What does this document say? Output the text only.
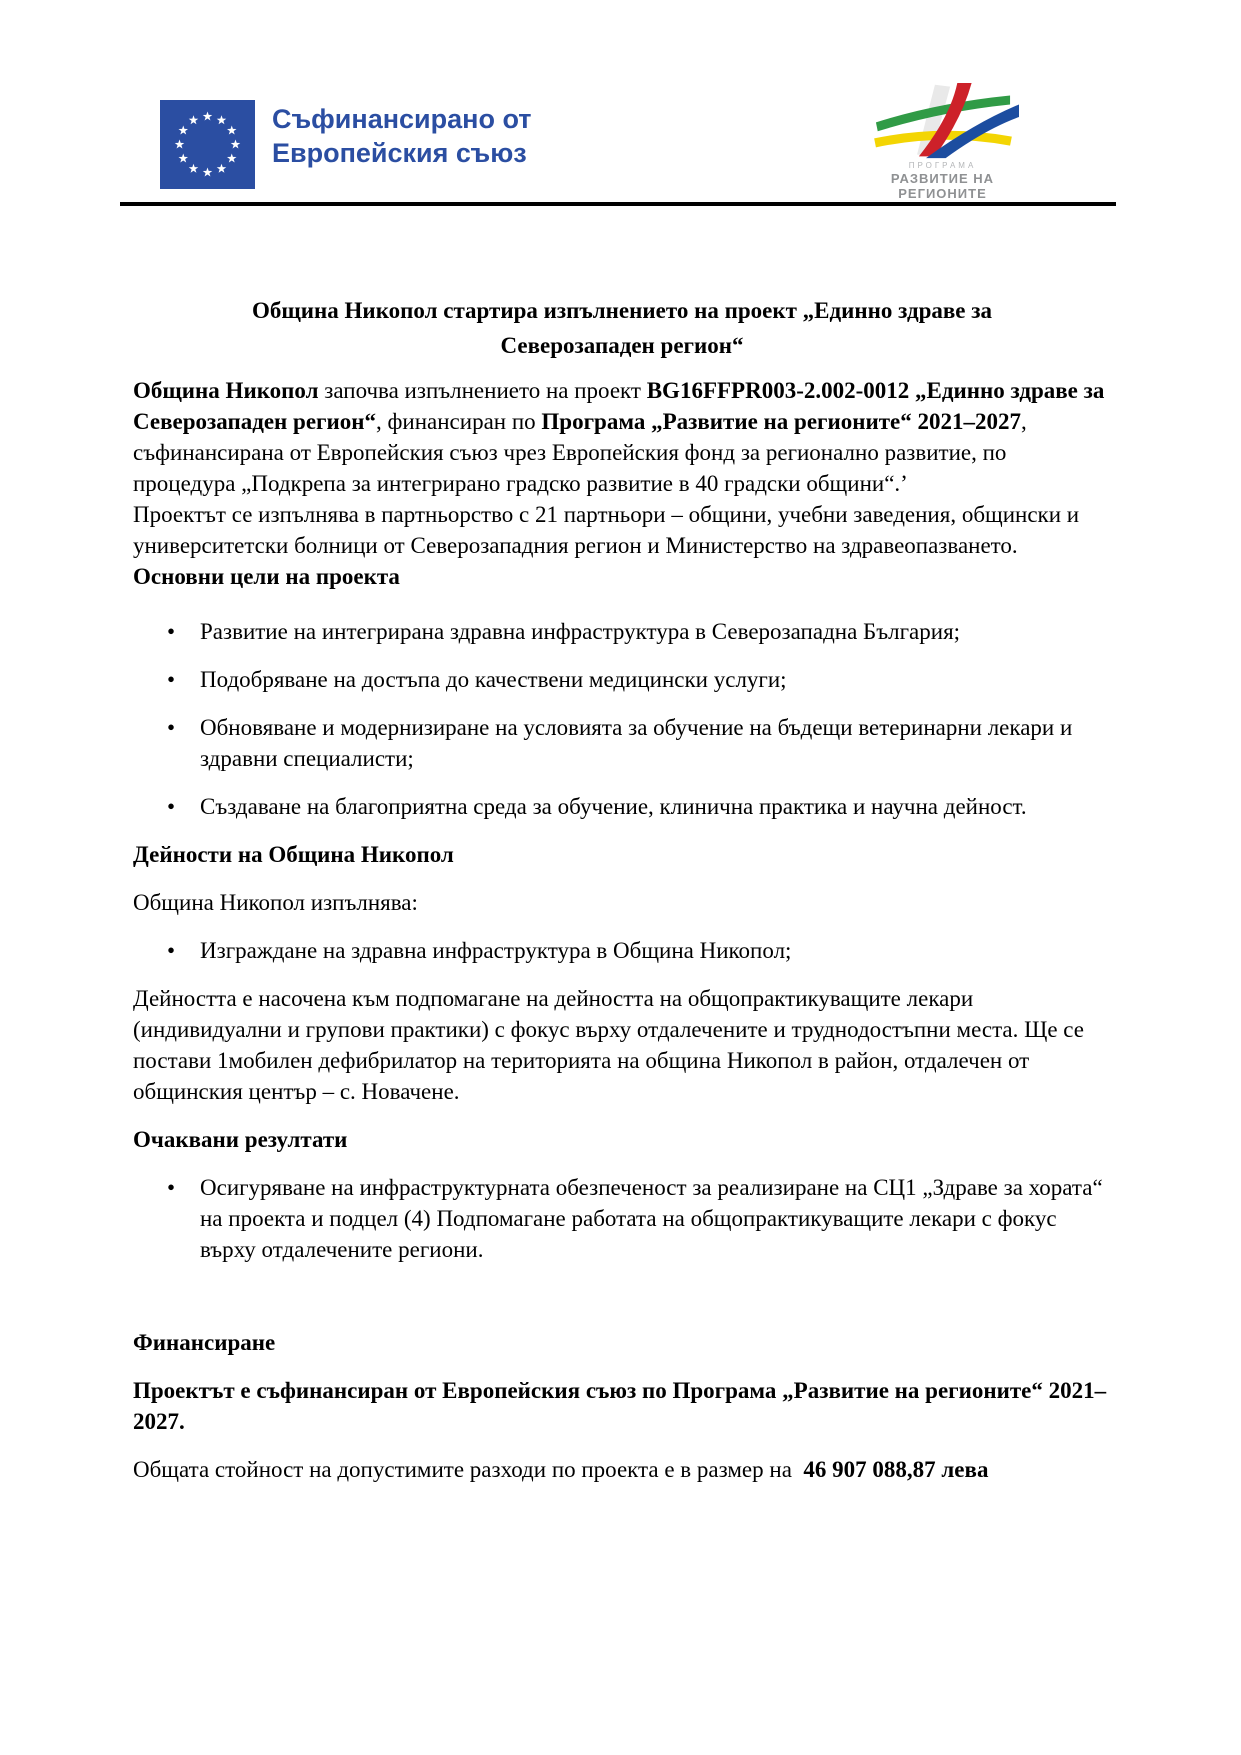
Съфинансирано от
Европейския съюз	ПРОГРАМА
РАЗВИТИЕ НА РЕГИОНИТЕ
Община Никопол стартира изпълнението на проект „Единно здраве за
Северозападен регион“

Община Никопол започва изпълнението на проект BG16FFPR003-2.002-0012 „Единно здраве за Северозападен регион“, финансиран по Програма „Развитие на регионите“ 2021–2027, съфинансирана от Европейския съюз чрез Европейския фонд за регионално развитие, по процедура „Подкрепа за интегрирано градско развитие в 40 градски общини“.’

Проектът се изпълнява в партньорство с 21 партньори – общини, учебни заведения, общински и университетски болници от Северозападния регион и Министерство на здравеопазването.

Основни цели на проекта

• Развитие на интегрирана здравна инфраструктура в Северозападна България;
• Подобряване на достъпа до качествени медицински услуги;
• Обновяване и модернизиране на условията за обучение на бъдещи ветеринарни лекари и здравни специалисти;
• Създаване на благоприятна среда за обучение, клинична практика и научна дейност.

Дейности на Община Никопол

Община Никопол изпълнява:

• Изграждане на здравна инфраструктура в Община Никопол;

Дейността е насочена към подпомагане на дейността на общопрактикуващите лекари (индивидуални и групови практики) с фокус върху отдалечените и труднодостъпни места. Ще се постави 1мобилен дефибрилатор на територията на община Никопол в район, отдалечен от общинския център – с. Новачене.

Очаквани резултати

• Осигуряване на инфраструктурната обезпеченост за реализиране на СЦ1 „Здраве за хората“ на проекта и подцел (4) Подпомагане работата на общопрактикуващите лекари с фокус върху отдалечените региони.

Финансиране

Проектът е съфинансиран от Европейския съюз по Програма „Развитие на регионите“ 2021–2027.

Общата стойност на допустимите разходи по проекта е в размер на  46 907 088,87 лева
